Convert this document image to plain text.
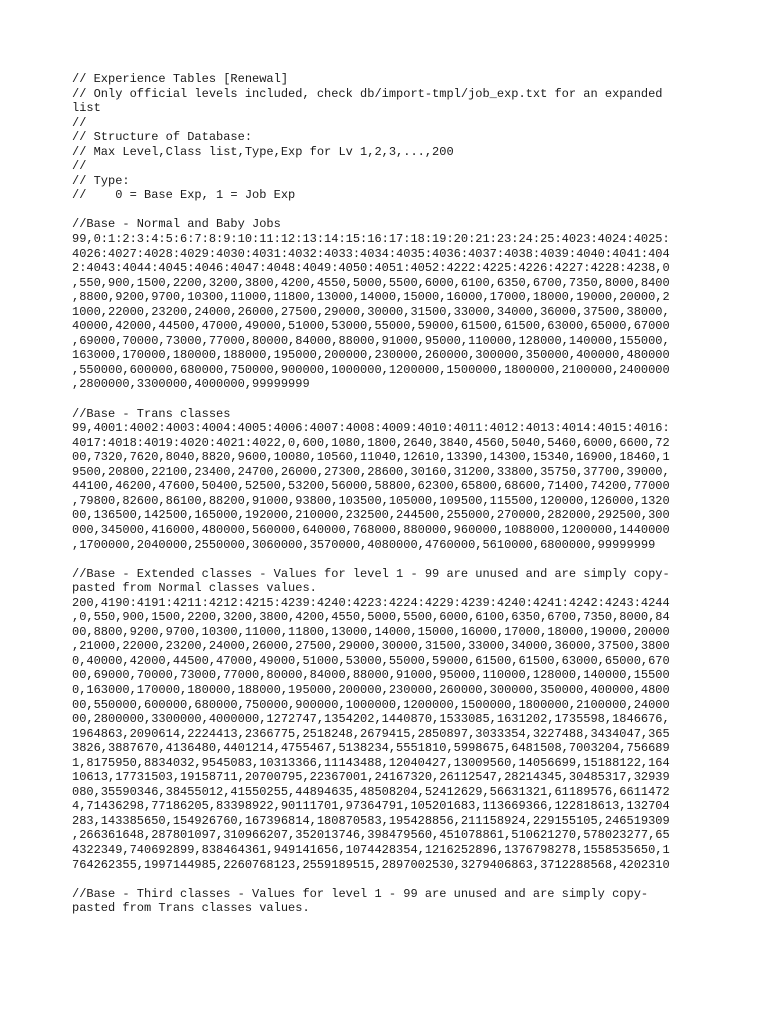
// Experience Tables [Renewal]
// Only official levels included, check db/import-tmpl/job_exp.txt for an expanded
list
//
// Structure of Database:
// Max Level,Class list,Type,Exp for Lv 1,2,3,...,200
//
// Type:
//    0 = Base Exp, 1 = Job Exp
//Base - Normal and Baby Jobs
99,0:1:2:3:4:5:6:7:8:9:10:11:12:13:14:15:16:17:18:19:20:21:23:24:25:4023:4024:4025:
4026:4027:4028:4029:4030:4031:4032:4033:4034:4035:4036:4037:4038:4039:4040:4041:404
2:4043:4044:4045:4046:4047:4048:4049:4050:4051:4052:4222:4225:4226:4227:4228:4238,0
,550,900,1500,2200,3200,3800,4200,4550,5000,5500,6000,6100,6350,6700,7350,8000,8400
,8800,9200,9700,10300,11000,11800,13000,14000,15000,16000,17000,18000,19000,20000,2
1000,22000,23200,24000,26000,27500,29000,30000,31500,33000,34000,36000,37500,38000,
40000,42000,44500,47000,49000,51000,53000,55000,59000,61500,61500,63000,65000,67000
,69000,70000,73000,77000,80000,84000,88000,91000,95000,110000,128000,140000,155000,
163000,170000,180000,188000,195000,200000,230000,260000,300000,350000,400000,480000
,550000,600000,680000,750000,900000,1000000,1200000,1500000,1800000,2100000,2400000
,2800000,3300000,4000000,99999999
//Base - Trans classes
99,4001:4002:4003:4004:4005:4006:4007:4008:4009:4010:4011:4012:4013:4014:4015:4016:
4017:4018:4019:4020:4021:4022,0,600,1080,1800,2640,3840,4560,5040,5460,6000,6600,72
00,7320,7620,8040,8820,9600,10080,10560,11040,12610,13390,14300,15340,16900,18460,1
9500,20800,22100,23400,24700,26000,27300,28600,30160,31200,33800,35750,37700,39000,
44100,46200,47600,50400,52500,53200,56000,58800,62300,65800,68600,71400,74200,77000
,79800,82600,86100,88200,91000,93800,103500,105000,109500,115500,120000,126000,1320
00,136500,142500,165000,192000,210000,232500,244500,255000,270000,282000,292500,300
000,345000,416000,480000,560000,640000,768000,880000,960000,1088000,1200000,1440000
,1700000,2040000,2550000,3060000,3570000,4080000,4760000,5610000,6800000,99999999
//Base - Extended classes - Values for level 1 - 99 are unused and are simply copy-
pasted from Normal classes values.
200,4190:4191:4211:4212:4215:4239:4240:4223:4224:4229:4239:4240:4241:4242:4243:4244
,0,550,900,1500,2200,3200,3800,4200,4550,5000,5500,6000,6100,6350,6700,7350,8000,84
00,8800,9200,9700,10300,11000,11800,13000,14000,15000,16000,17000,18000,19000,20000
,21000,22000,23200,24000,26000,27500,29000,30000,31500,33000,34000,36000,37500,3800
0,40000,42000,44500,47000,49000,51000,53000,55000,59000,61500,61500,63000,65000,670
00,69000,70000,73000,77000,80000,84000,88000,91000,95000,110000,128000,140000,15500
0,163000,170000,180000,188000,195000,200000,230000,260000,300000,350000,400000,4800
00,550000,600000,680000,750000,900000,1000000,1200000,1500000,1800000,2100000,24000
00,2800000,3300000,4000000,1272747,1354202,1440870,1533085,1631202,1735598,1846676,
1964863,2090614,2224413,2366775,2518248,2679415,2850897,3033354,3227488,3434047,365
3826,3887670,4136480,4401214,4755467,5138234,5551810,5998675,6481508,7003204,756689
1,8175950,8834032,9545083,10313366,11143488,12040427,13009560,14056699,15188122,164
10613,17731503,19158711,20700795,22367001,24167320,26112547,28214345,30485317,32939
080,35590346,38455012,41550255,44894635,48508204,52412629,56631321,61189576,6611472
4,71436298,77186205,83398922,90111701,97364791,105201683,113669366,122818613,132704
283,143385650,154926760,167396814,180870583,195428856,211158924,229155105,246519309
,266361648,287801097,310966207,352013746,398479560,451078861,510621270,578023277,65
4322349,740692899,838464361,949141656,1074428354,1216252896,1376798278,1558535650,1
764262355,1997144985,2260768123,2559189515,2897002530,3279406863,3712288568,4202310
//Base - Third classes - Values for level 1 - 99 are unused and are simply copy-
pasted from Trans classes values.
